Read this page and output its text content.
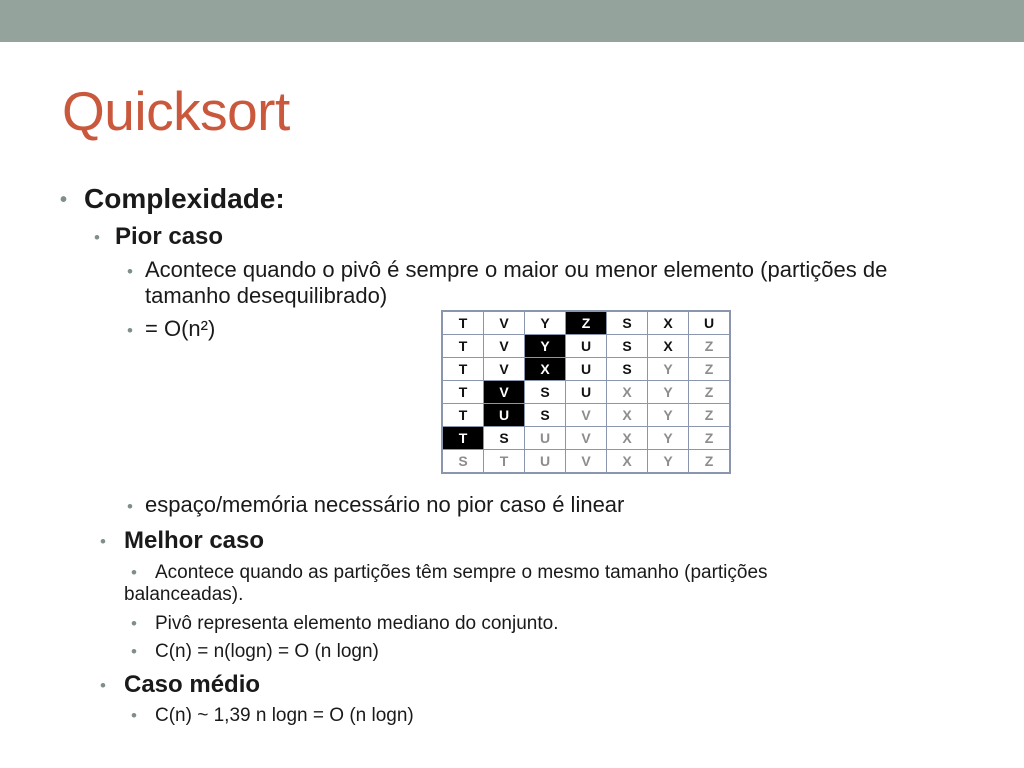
Quicksort
• Complexidade:
• Pior caso
• Acontece quando o pivô é sempre o maior ou menor elemento (partições de
tamanho desequilibrado)
• = O(n²)	T	V	Y	Z	S	X	U
T	V	Y	U	S	X	Z
T	V	X	U	S	Y	Z
T	V	S	U	X	Y	Z
T	U	S	V	X	Y	Z
T	S	U	V	X	Y	Z
S	T	U	V	X	Y	Z
• espaço/memória necessário no pior caso é linear
• Melhor caso
• Acontece quando as partições têm sempre o mesmo tamanho (partições
balanceadas).
• Pivô representa elemento mediano do conjunto.
• C(n) = n(logn) = O (n logn)
• Caso médio
• C(n) ~ 1,39 n logn = O (n logn)
